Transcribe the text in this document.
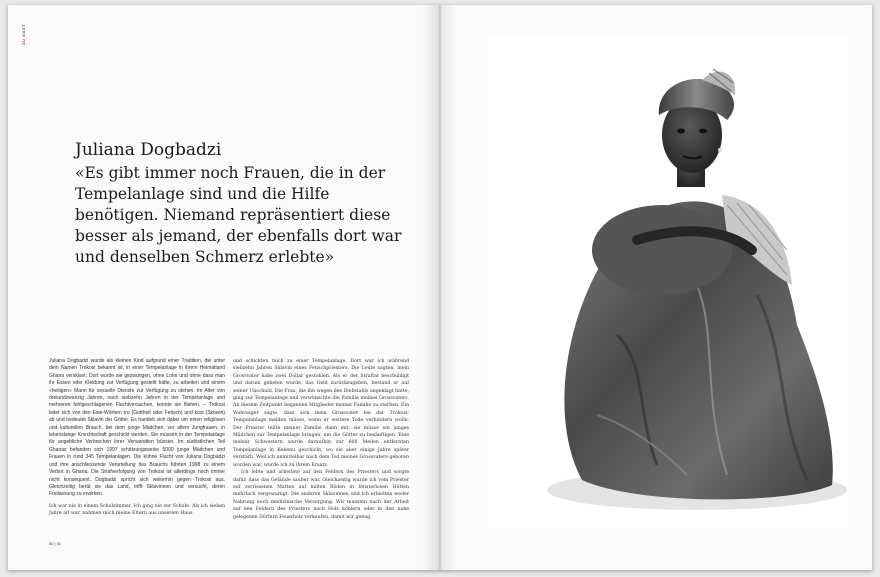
ZU GAST
Juliana Dogbadzi
«Es gibt immer noch Frauen, die in der Tempelanlage sind und die Hilfe benötigen. Niemand repräsentiert diese besser als jemand, der ebenfalls dort war und denselben Schmerz erlebte»

Juliana Dogbadzi wurde als kleines Kind aufgrund einer Tradition, die unter dem Namen Trokosi bekannt ist, in einer Tempelanlage in ihrem Heimatland Ghana versklavt. Dort wurde sie gezwungen, ohne Lohn und ohne dass man ihr Essen oder Kleidung zur Verfügung gestellt hätte, zu arbeiten und einem «heiligen» Mann für sexuelle Dienste zur Verfügung zu stehen. Im Alter von dreiundzwanzig Jahren, nach siebzehn Jahren in der Tempelanlage und mehreren fehlgeschlagenen Fluchtversuchen, konnte sie fliehen. – Trokosi leitet sich von den Ewe-Wörtern tro (Gottheit oder Fetisch) und kosi (Sklavin) ab und bedeutet Sklavin der Götter. Es handelt sich dabei um einen religiösen und kulturellen Brauch, bei dem junge Mädchen, vor allem Jungfrauen, in lebenslange Knechtschaft geschickt werden. Sie müssen in der Tempelanlage für angebliche Verbrechen ihrer Verwandten büssen. Im südöstlichen Teil Ghanas befanden sich 1997 schätzungsweise 5000 junge Mädchen und Frauen in rund 345 Tempelanlagen. Die kühne Flucht von Juliana Dogbadzi und ihre anschliessende Verurteilung des Brauchs führten 1998 zu einem Verbot in Ghana. Die Strafverfolgung von Trokosi ist allerdings noch immer nicht konsequent. Dogbadzi spricht sich weiterhin gegen Trokosi aus. Gleichzeitig berät sie das Land, trifft Sklavinnen und versucht, deren Freilassung zu erwirken.

Ich war nie in einem Schulzimmer. Ich ging nie zur Schule. Als ich sieben Jahre alt war, nahmen mich meine Eltern aus unserem Haus

und schickten mich zu einer Tempelanlage. Dort war ich während siebzehn Jahren Sklavin eines Fetischpriesters. Die Leute sagten, mein Grossvater habe zwei Dollar gestohlen. Als er der Straftat beschuldigt und darum gebeten wurde, das Geld zurückzugeben, bestand er auf seiner Unschuld. Die Frau, die ihn wegen des Diebstahls angeklagt hatte, ging zur Tempelanlage und verwünschte die Familie meines Grossvaters. Ab diesem Zeitpunkt begannen Mitglieder meiner Familie zu sterben. Ein Wahrsager sagte, dass sich mein Grossvater bei der Trokosi-Tempelanlage melden müsse, wenn er weitere Tode verhindern wolle. Der Priester teilte meiner Familie dann mit, sie müsse ein junges Mädchen zur Tempelanlage bringen, um die Götter zu besänftigen. Eine meiner Schwestern wurde daraufhin zur 600 Meilen entfernten Tempelanlage in Kebenu geschickt, wo sie aber einige Jahre später verstarb. Weil ich unmittelbar nach dem Tod meines Grossvaters geboren worden war, wurde ich zu ihrem Ersatz.

Ich lebte und arbeitete auf den Feldern des Priesters und sorgte dafür, dass das Gelände sauber war. Gleichzeitig wurde ich vom Priester auf zerrissenen Matten auf kalten Böden in fensterlosen Hütten mehrfach vergewaltigt. Die anderen Sklavinnen und ich erhielten weder Nahrung noch medizinische Versorgung. Wir mussten nach der Arbeit auf den Feldern des Priesters noch Holz köhlern oder in den nahe gelegenen Dörfern Feuerholz verkaufen, damit wir genug

50 | 51
